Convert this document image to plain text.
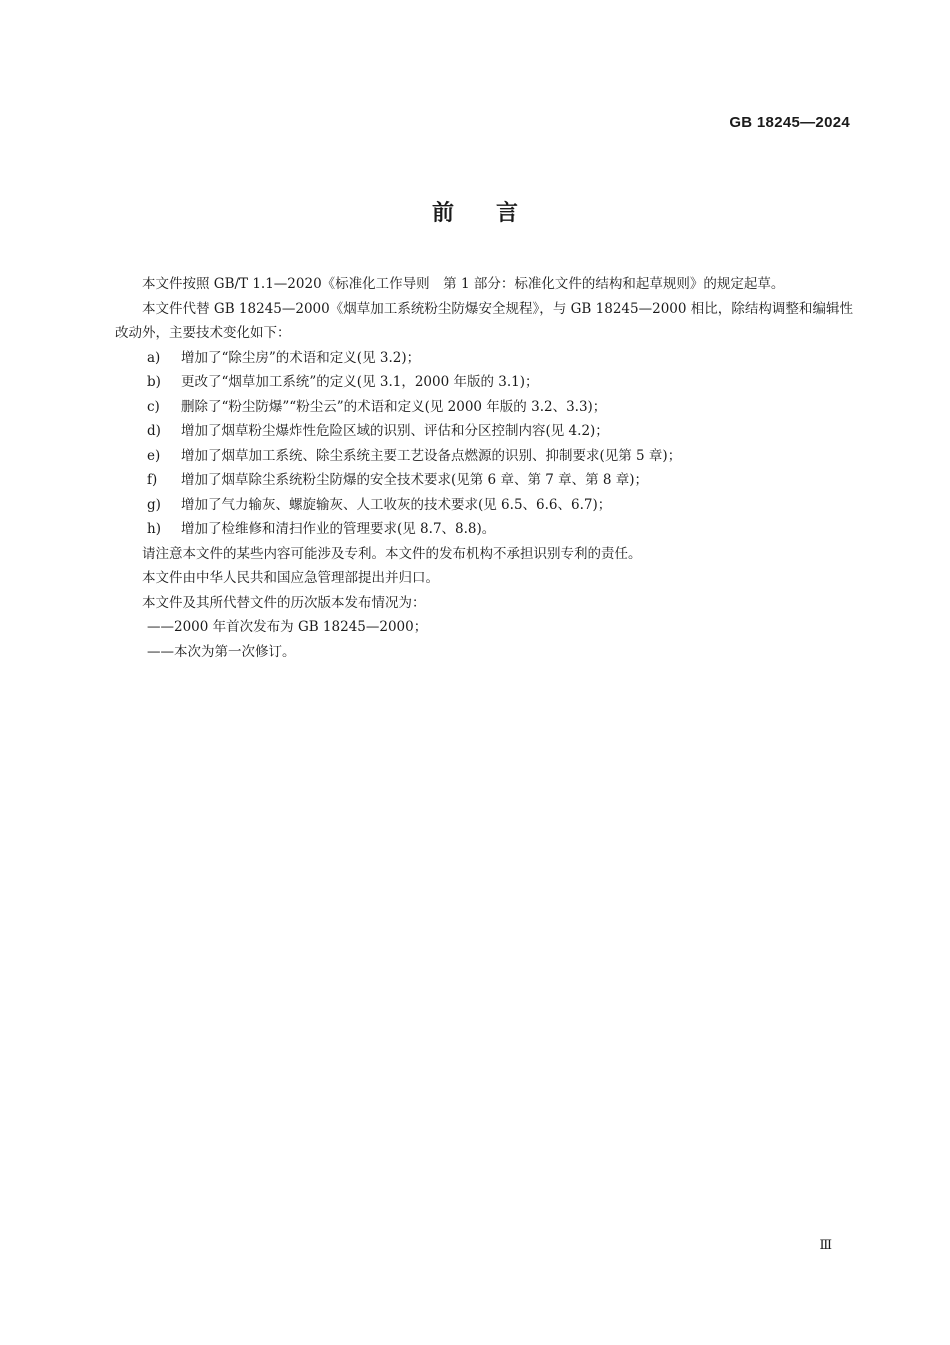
GB 18245—2024
前言

本文件按照 GB/T 1.1—2020《标准化工作导则　第 1 部分：标准化文件的结构和起草规则》的规定起草。

本文件代替 GB 18245—2000《烟草加工系统粉尘防爆安全规程》，与 GB 18245—2000 相比，除结构调整和编辑性改动外，主要技术变化如下：

a) 增加了“除尘房”的术语和定义(见 3.2)；
b) 更改了“烟草加工系统”的定义(见 3.1，2000 年版的 3.1)；
c) 删除了“粉尘防爆”“粉尘云”的术语和定义(见 2000 年版的 3.2、3.3)；
d) 增加了烟草粉尘爆炸性危险区域的识别、评估和分区控制内容(见 4.2)；
e) 增加了烟草加工系统、除尘系统主要工艺设备点燃源的识别、抑制要求(见第 5 章)；
f) 增加了烟草除尘系统粉尘防爆的安全技术要求(见第 6 章、第 7 章、第 8 章)；
g) 增加了气力输灰、螺旋输灰、人工收灰的技术要求(见 6.5、6.6、6.7)；
h) 增加了检维修和清扫作业的管理要求(见 8.7、8.8)。

请注意本文件的某些内容可能涉及专利。本文件的发布机构不承担识别专利的责任。

本文件由中华人民共和国应急管理部提出并归口。

本文件及其所代替文件的历次版本发布情况为：

——2000 年首次发布为 GB 18245—2000；
——本次为第一次修订。
Ⅲ
